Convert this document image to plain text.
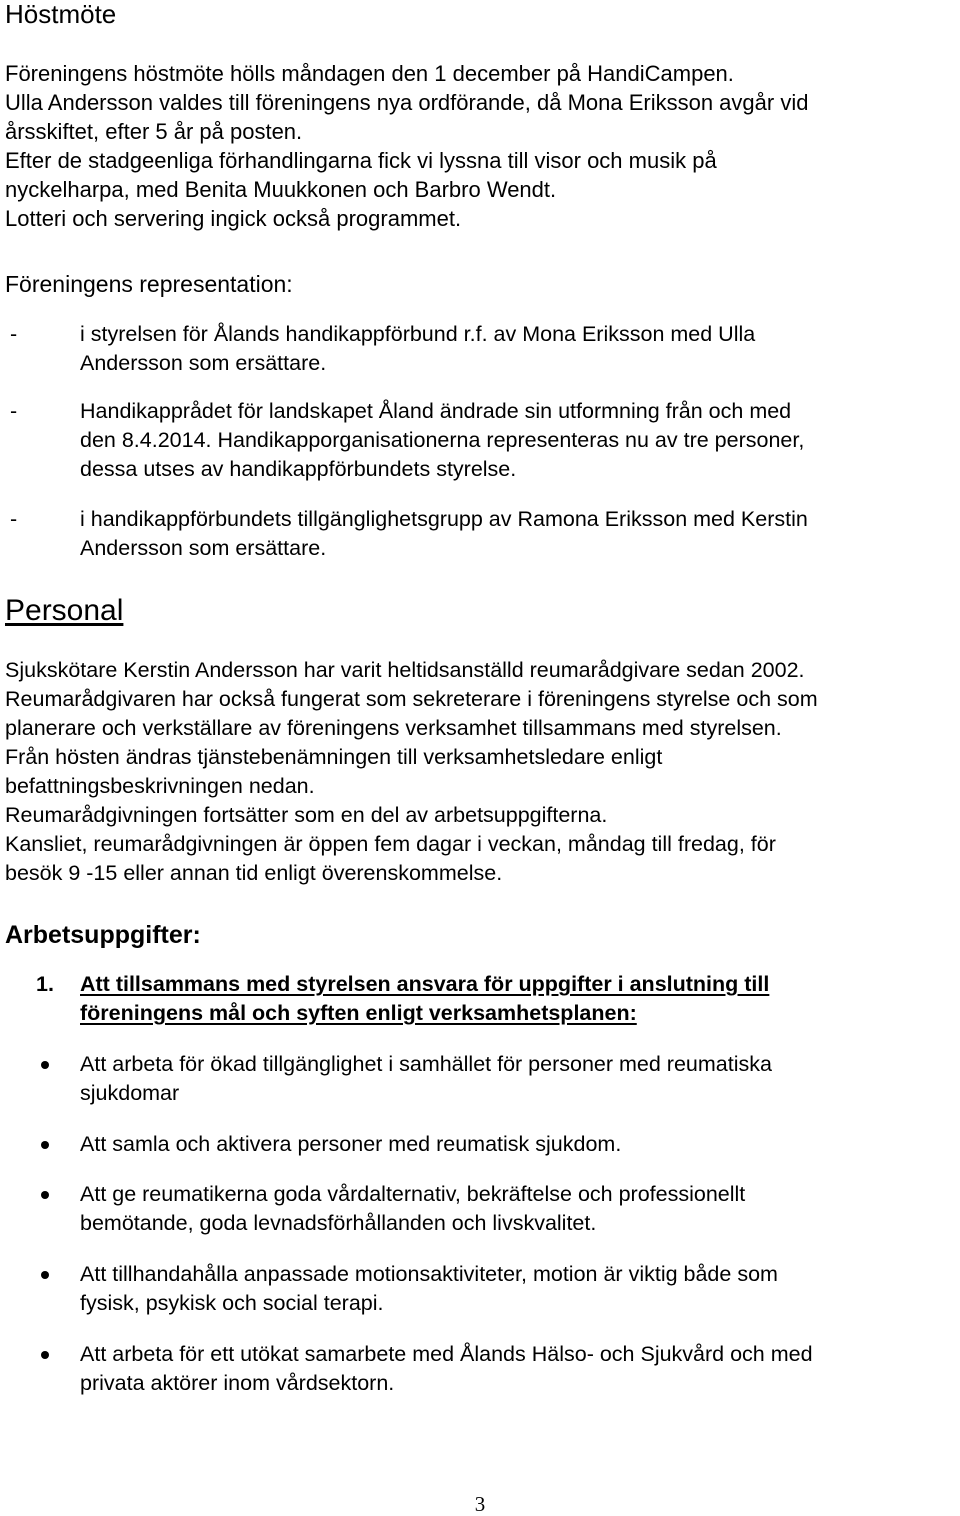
Höstmöte
Föreningens höstmöte hölls måndagen den 1 december på HandiCampen.
Ulla Andersson valdes till föreningens nya ordförande, då Mona Eriksson avgår vid
årsskiftet, efter 5 år på posten.
Efter de stadgeenliga förhandlingarna fick vi lyssna till visor och musik på
nyckelharpa, med Benita Muukkonen och Barbro Wendt.
Lotteri och servering ingick också programmet.
Föreningens representation:
-	i styrelsen för Ålands handikappförbund r.f. av Mona Eriksson med Ulla
Andersson som ersättare.
-	Handikapprådet för landskapet Åland ändrade sin utformning från och med
den 8.4.2014. Handikapporganisationerna representeras nu av tre personer,
dessa utses av handikappförbundets styrelse.
-	i handikappförbundets tillgänglighetsgrupp av Ramona Eriksson med Kerstin
Andersson som ersättare.
Personal
Sjukskötare Kerstin Andersson har varit heltidsanställd reumarådgivare sedan 2002.
Reumarådgivaren har också fungerat som sekreterare i föreningens styrelse och som
planerare och verkställare av föreningens verksamhet tillsammans med styrelsen.
Från hösten ändras tjänstebenämningen till verksamhetsledare enligt
befattningsbeskrivningen nedan.
Reumarådgivningen fortsätter som en del av arbetsuppgifterna.
Kansliet, reumarådgivningen är öppen fem dagar i veckan, måndag till fredag, för
besök 9 -15 eller annan tid enligt överenskommelse.
Arbetsuppgifter:
1. Att tillsammans med styrelsen ansvara för uppgifter i anslutning till
föreningens mål och syften enligt verksamhetsplanen:
Att arbeta för ökad tillgänglighet i samhället för personer med reumatiska
sjukdomar
Att samla och aktivera personer med reumatisk sjukdom.
Att ge reumatikerna goda vårdalternativ, bekräftelse och professionellt
bemötande, goda levnadsförhållanden och livskvalitet.
Att tillhandahålla anpassade motionsaktiviteter, motion är viktig både som
fysisk, psykisk och social terapi.
Att arbeta för ett utökat samarbete med Ålands Hälso- och Sjukvård och med
privata aktörer inom vårdsektorn.
3
